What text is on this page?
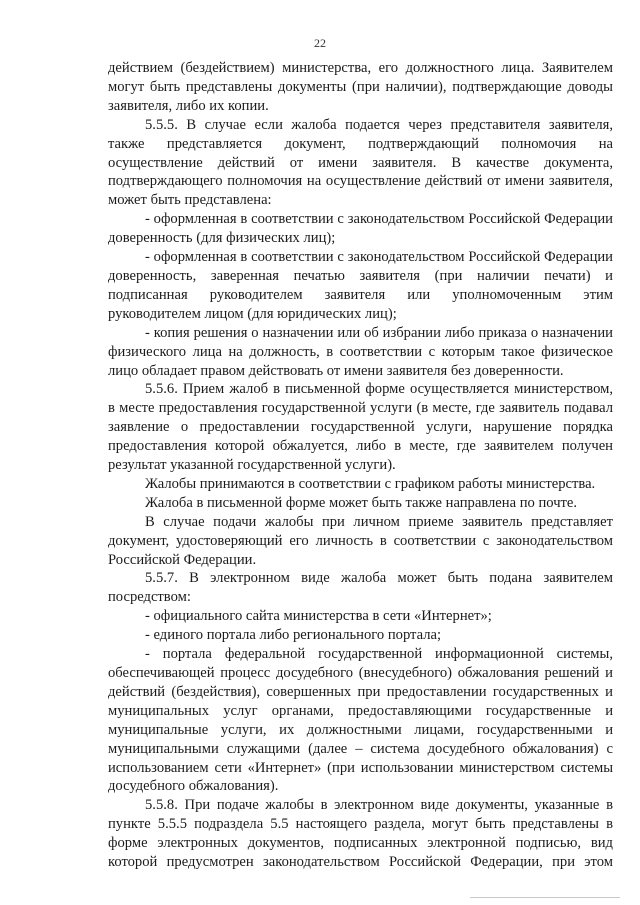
22

действием (бездействием) министерства, его должностного лица. Заявителем могут быть представлены документы (при наличии), подтверждающие доводы заявителя, либо их копии.

5.5.5. В случае если жалоба подается через представителя заявителя, также представляется документ, подтверждающий полномочия на осуществление действий от имени заявителя. В качестве документа, подтверждающего полномочия на осуществление действий от имени заявителя, может быть представлена:

- оформленная в соответствии с законодательством Российской Федерации доверенность (для физических лиц);

- оформленная в соответствии с законодательством Российской Федерации доверенность, заверенная печатью заявителя (при наличии печати) и подписанная руководителем заявителя или уполномоченным этим руководителем лицом (для юридических лиц);

- копия решения о назначении или об избрании либо приказа о назначении физического лица на должность, в соответствии с которым такое физическое лицо обладает правом действовать от имени заявителя без доверенности.

5.5.6. Прием жалоб в письменной форме осуществляется министерством, в месте предоставления государственной услуги (в месте, где заявитель подавал заявление о предоставлении государственной услуги, нарушение порядка предоставления которой обжалуется, либо в месте, где заявителем получен результат указанной государственной услуги).

Жалобы принимаются в соответствии с графиком работы министерства.

Жалоба в письменной форме может быть также направлена по почте.

В случае подачи жалобы при личном приеме заявитель представляет документ, удостоверяющий его личность в соответствии с законодательством Российской Федерации.

5.5.7. В электронном виде жалоба может быть подана заявителем посредством:

- официального сайта министерства в сети «Интернет»;

- единого портала либо регионального портала;

- портала федеральной государственной информационной системы, обеспечивающей процесс досудебного (внесудебного) обжалования решений и действий (бездействия), совершенных при предоставлении государственных и муниципальных услуг органами, предоставляющими государственные и муниципальные услуги, их должностными лицами, государственными и муниципальными служащими (далее – система досудебного обжалования) с использованием сети «Интернет» (при использовании министерством системы досудебного обжалования).

5.5.8. При подаче жалобы в электронном виде документы, указанные в пункте 5.5.5 подраздела 5.5 настоящего раздела, могут быть представлены в форме электронных документов, подписанных электронной подписью, вид которой предусмотрен законодательством Российской Федерации, при этом
